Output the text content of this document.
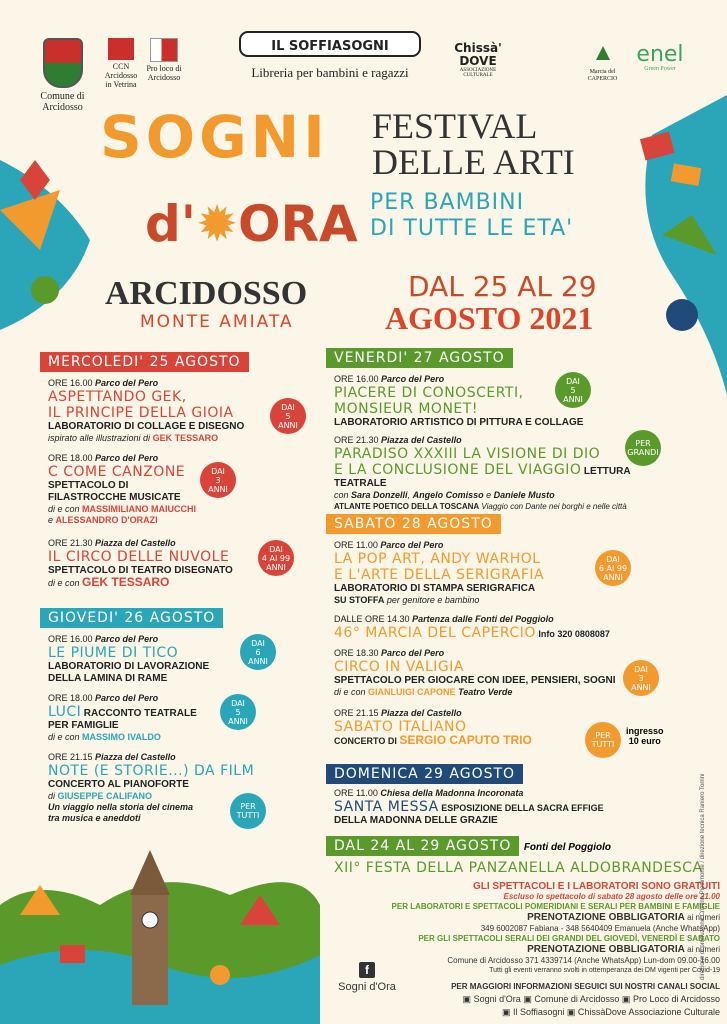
Comune di
Arcidosso
CCN
Arcidosso
in Vetrina
Pro loco di
Arcidosso
IL SOFFIASOGNI
Libreria per bambini e ragazzi
Chissà'
DOVE
ASSOCIAZIONE CULTURALE
Marcia del
CAPERCIO
enel
Green Power
SOGNI
d'✹ORA
FESTIVAL
DELLE ARTI
PER BAMBINI
DI TUTTE LE ETA'
ARCIDOSSO
MONTE AMIATA
DAL 25 AL 29
AGOSTO 2021
MERCOLEDI' 25 AGOSTO
ORE 16.00 Parco del Pero
ASPETTANDO GEK,
IL PRINCIPE DELLA GIOIA
LABORATORIO DI COLLAGE E DISEGNO
ispirato alle illustrazioni di GEK TESSARO
DAI
5
ANNI
ORE 18.00 Parco del Pero
C COME CANZONE
SPETTACOLO DI
FILASTROCCHE MUSICATE
di e con MASSIMILIANO MAIUCCHI
e ALESSANDRO D'ORAZI
DAI
3
ANNI
ORE 21.30 Piazza del Castello
IL CIRCO DELLE NUVOLE
SPETTACOLO DI TEATRO DISEGNATO
di e con GEK TESSARO
DAI
4 AI 99
ANNI
GIOVEDI' 26 AGOSTO
ORE 16.00 Parco del Pero
LE PIUME DI TICO
LABORATORIO DI LAVORAZIONE
DELLA LAMINA DI RAME
DAI
6
ANNI
ORE 18.00 Parco del Pero
LUCI RACCONTO TEATRALE
PER FAMIGLIE
di e con MASSIMO IVALDO
DAI
5
ANNI
ORE 21.15 Piazza del Castello
NOTE (E STORIE...) DA FILM
CONCERTO AL PIANOFORTE
di GIUSEPPE CALIFANO
Un viaggio nella storia del cinema
tra musica e aneddoti
PER
TUTTI
VENERDI' 27 AGOSTO
ORE 16.00 Parco del Pero
PIACERE DI CONOSCERTI,
MONSIEUR MONET!
LABORATORIO ARTISTICO DI PITTURA E COLLAGE
DAI
5
ANNI
ORE 21.30 Piazza del Castello
PARADISO XXXIII LA VISIONE DI DIO
E LA CONCLUSIONE DEL VIAGGIO LETTURA TEATRALE
con Sara Donzelli, Angelo Comisso e Daniele Musto
ATLANTE POETICO DELLA TOSCANA Viaggio con Dante nei borghi e nelle città
PER
GRANDI
SABATO 28 AGOSTO
ORE 11.00 Parco del Pero
LA POP ART, ANDY WARHOL
E L'ARTE DELLA SERIGRAFIA
LABORATORIO DI STAMPA SERIGRAFICA
SU STOFFA per genitore e bambino
DAI
6 AI 99
ANNI
DALLE ORE 14.30 Partenza dalle Fonti del Poggiolo
46° MARCIA DEL CAPERCIO Info 320 0808087
ORE 18.30 Parco del Pero
CIRCO IN VALIGIA
SPETTACOLO PER GIOCARE CON IDEE, PENSIERI, SOGNI
di e con GIANLUIGI CAPONE Teatro Verde
DAI
3
ANNI
ORE 21.15 Piazza del Castello
SABATO ITALIANO
CONCERTO DI SERGIO CAPUTO TRIO	PER
TUTTI
ingresso
10 euro
DOMENICA 29 AGOSTO
ORE 11.00 Chiesa della Madonna Incoronata
SANTA MESSA ESPOSIZIONE DELLA SACRA EFFIGE
DELLA MADONNA DELLE GRAZIE
DAL 24 AL 29 AGOSTO Fonti del Poggiolo
XII° FESTA DELLA PANZANELLA ALDOBRANDESCA
GLI SPETTACOLI E I LABORATORI SONO GRATUITI
Escluso lo spettacolo di sabato 28 agosto delle ore 21.00
PER LABORATORI E SPETTACOLI POMERIDIANI E SERALI PER BAMBINI E FAMIGLIE
PRENOTAZIONE OBBLIGATORIA ai numeri
349 6002087 Fabiana - 348 5640409 Emanuela (Anche WhatsApp)
PER GLI SPETTACOLI SERALI DEI GRANDI DEL GIOVEDÌ, VENERDÌ E SABATO
PRENOTAZIONE OBBLIGATORIA ai numeri
Comune di Arcidosso 371 4339714 (Anche WhatsApp) Lun-dom 09.00-16.00
Tutti gli eventi verranno svolti in ottemperanza dei DM vigenti per Covid-19
f
Sogni d'Ora	PER MAGGIORI INFORMAZIONI SEGUICI SUI NOSTRI CANALI SOCIAL
▣ Sogni d'Ora ▣ Comune di Arcidosso ▣ Pro Loco di Arcidosso
▣ Il Soffiasogni ▣ ChissàDove Associazione Culturale
direzione di produzione Cristina Piedimonte / direzione tecnica Raniero Torrini
